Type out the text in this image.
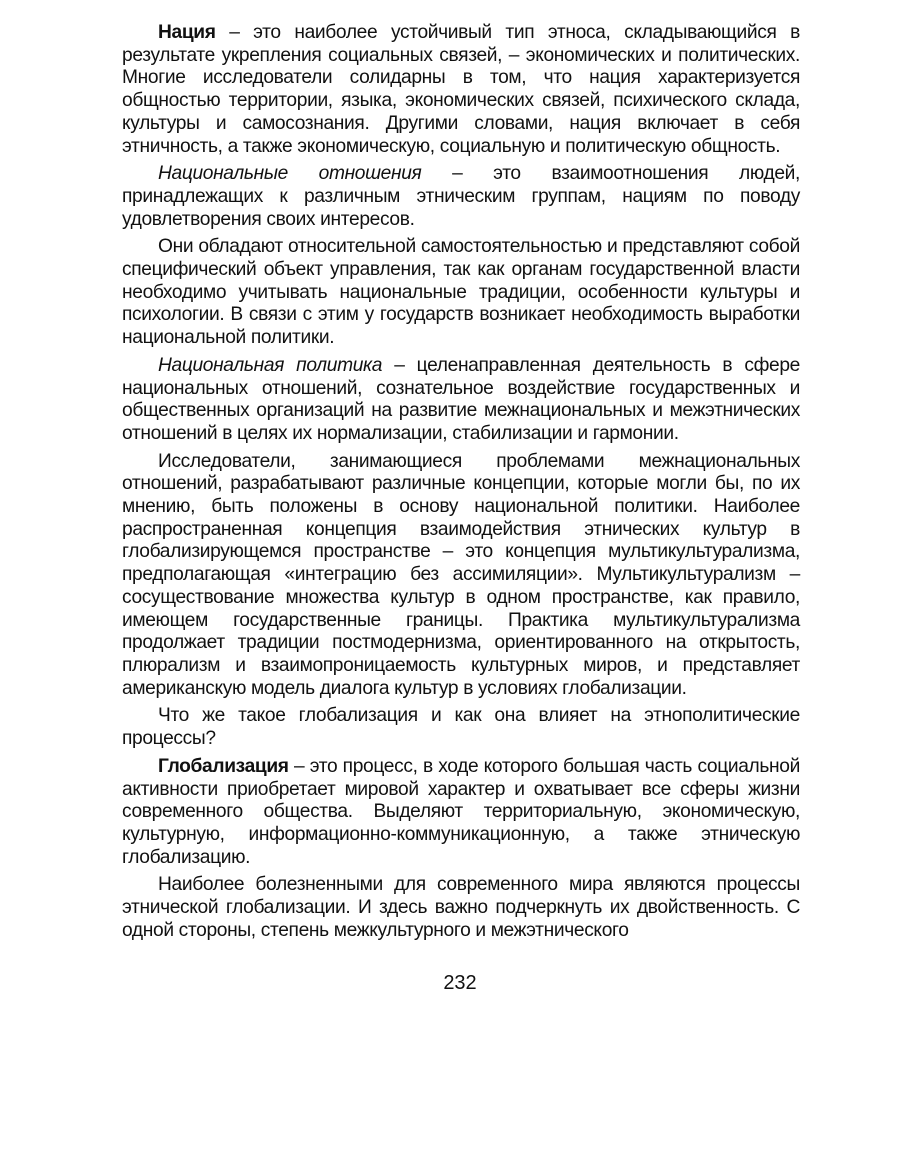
Нация – это наиболее устойчивый тип этноса, складывающийся в результате укрепления социальных связей, – экономических и политических. Многие исследователи солидарны в том, что нация характеризуется общностью территории, языка, экономических связей, психического склада, культуры и самосознания. Другими словами, нация включает в себя этничность, а также экономическую, социальную и политическую общность.

Национальные отношения – это взаимоотношения людей, принадлежащих к различным этническим группам, нациям по поводу удовлетворения своих интересов.

Они обладают относительной самостоятельностью и представляют собой специфический объект управления, так как органам государственной власти необходимо учитывать национальные традиции, особенности культуры и психологии. В связи с этим у государств возникает необходимость выработки национальной политики.

Национальная политика – целенаправленная деятельность в сфере национальных отношений, сознательное воздействие государственных и общественных организаций на развитие межнациональных и межэтнических отношений в целях их нормализации, стабилизации и гармонии.

Исследователи, занимающиеся проблемами межнациональных отношений, разрабатывают различные концепции, которые могли бы, по их мнению, быть положены в основу национальной политики. Наиболее распространенная концепция взаимодействия этнических культур в глобализирующемся пространстве – это концепция мультикультурализма, предполагающая «интеграцию без ассимиляции». Мультикультурализм – сосуществование множества культур в одном пространстве, как правило, имеющем государственные границы. Практика мультикультурализма продолжает традиции постмодернизма, ориентированного на открытость, плюрализм и взаимопроницаемость культурных миров, и представляет американскую модель диалога культур в условиях глобализации.

Что же такое глобализация и как она влияет на этнополитические процессы?

Глобализация – это процесс, в ходе которого большая часть социальной активности приобретает мировой характер и охватывает все сферы жизни современного общества. Выделяют территориальную, экономическую, культурную, информационно-коммуникационную, а также этническую глобализацию.

Наиболее болезненными для современного мира являются процессы этнической глобализации. И здесь важно подчеркнуть их двойственность. С одной стороны, степень межкультурного и межэтнического

232
